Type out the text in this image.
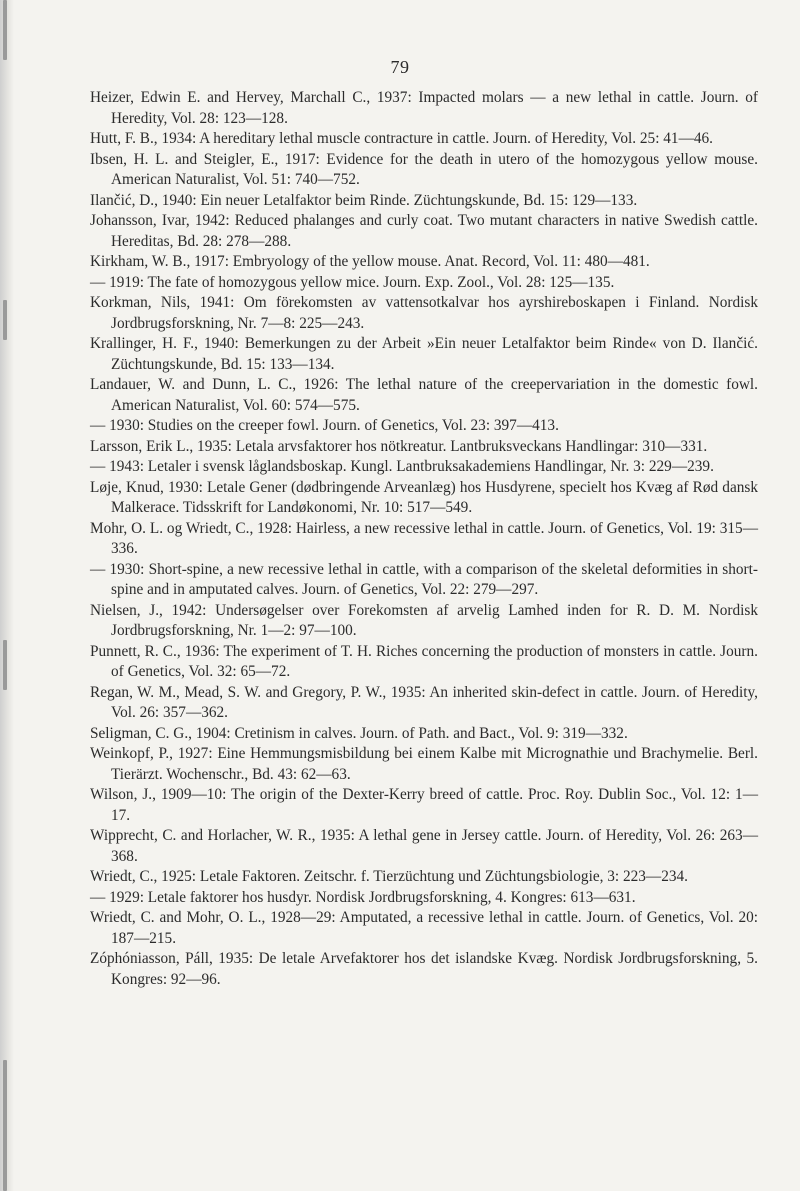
79

Heizer, Edwin E. and Hervey, Marchall C., 1937: Impacted molars — a new lethal in cattle. Journ. of Heredity, Vol. 28: 123—128.

Hutt, F. B., 1934: A hereditary lethal muscle contracture in cattle. Journ. of Heredity, Vol. 25: 41—46.

Ibsen, H. L. and Steigler, E., 1917: Evidence for the death in utero of the homozygous yellow mouse. American Naturalist, Vol. 51: 740—752.

Ilančić, D., 1940: Ein neuer Letalfaktor beim Rinde. Züchtungskunde, Bd. 15: 129—133.

Johansson, Ivar, 1942: Reduced phalanges and curly coat. Two mutant characters in native Swedish cattle. Hereditas, Bd. 28: 278—288.

Kirkham, W. B., 1917: Embryology of the yellow mouse. Anat. Record, Vol. 11: 480—481.

— 1919: The fate of homozygous yellow mice. Journ. Exp. Zool., Vol. 28: 125—135.

Korkman, Nils, 1941: Om förekomsten av vattensotkalvar hos ayrshireboskapen i Finland. Nordisk Jordbrugsforskning, Nr. 7—8: 225—243.

Krallinger, H. F., 1940: Bemerkungen zu der Arbeit »Ein neuer Letalfaktor beim Rinde« von D. Ilančić. Züchtungskunde, Bd. 15: 133—134.

Landauer, W. and Dunn, L. C., 1926: The lethal nature of the creepervariation in the domestic fowl. American Naturalist, Vol. 60: 574—575.

— 1930: Studies on the creeper fowl. Journ. of Genetics, Vol. 23: 397—413.

Larsson, Erik L., 1935: Letala arvsfaktorer hos nötkreatur. Lantbruksveckans Handlingar: 310—331.

— 1943: Letaler i svensk låglandsboskap. Kungl. Lantbruksakademiens Handlingar, Nr. 3: 229—239.

Løje, Knud, 1930: Letale Gener (dødbringende Arveanlæg) hos Husdyrene, specielt hos Kvæg af Rød dansk Malkerace. Tidsskrift for Landøkonomi, Nr. 10: 517—549.

Mohr, O. L. og Wriedt, C., 1928: Hairless, a new recessive lethal in cattle. Journ. of Genetics, Vol. 19: 315—336.

— 1930: Short-spine, a new recessive lethal in cattle, with a comparison of the skeletal deformities in short-spine and in amputated calves. Journ. of Genetics, Vol. 22: 279—297.

Nielsen, J., 1942: Undersøgelser over Forekomsten af arvelig Lamhed inden for R. D. M. Nordisk Jordbrugsforskning, Nr. 1—2: 97—100.

Punnett, R. C., 1936: The experiment of T. H. Riches concerning the production of monsters in cattle. Journ. of Genetics, Vol. 32: 65—72.

Regan, W. M., Mead, S. W. and Gregory, P. W., 1935: An inherited skin-defect in cattle. Journ. of Heredity, Vol. 26: 357—362.

Seligman, C. G., 1904: Cretinism in calves. Journ. of Path. and Bact., Vol. 9: 319—332.

Weinkopf, P., 1927: Eine Hemmungsmisbildung bei einem Kalbe mit Micrognathie und Brachymelie. Berl. Tierärzt. Wochenschr., Bd. 43: 62—63.

Wilson, J., 1909—10: The origin of the Dexter-Kerry breed of cattle. Proc. Roy. Dublin Soc., Vol. 12: 1—17.

Wipprecht, C. and Horlacher, W. R., 1935: A lethal gene in Jersey cattle. Journ. of Heredity, Vol. 26: 263—368.

Wriedt, C., 1925: Letale Faktoren. Zeitschr. f. Tierzüchtung und Züchtungsbiologie, 3: 223—234.

— 1929: Letale faktorer hos husdyr. Nordisk Jordbrugsforskning, 4. Kongres: 613—631.

Wriedt, C. and Mohr, O. L., 1928—29: Amputated, a recessive lethal in cattle. Journ. of Genetics, Vol. 20: 187—215.

Zóphóniasson, Páll, 1935: De letale Arvefaktorer hos det islandske Kvæg. Nordisk Jordbrugsforskning, 5. Kongres: 92—96.
